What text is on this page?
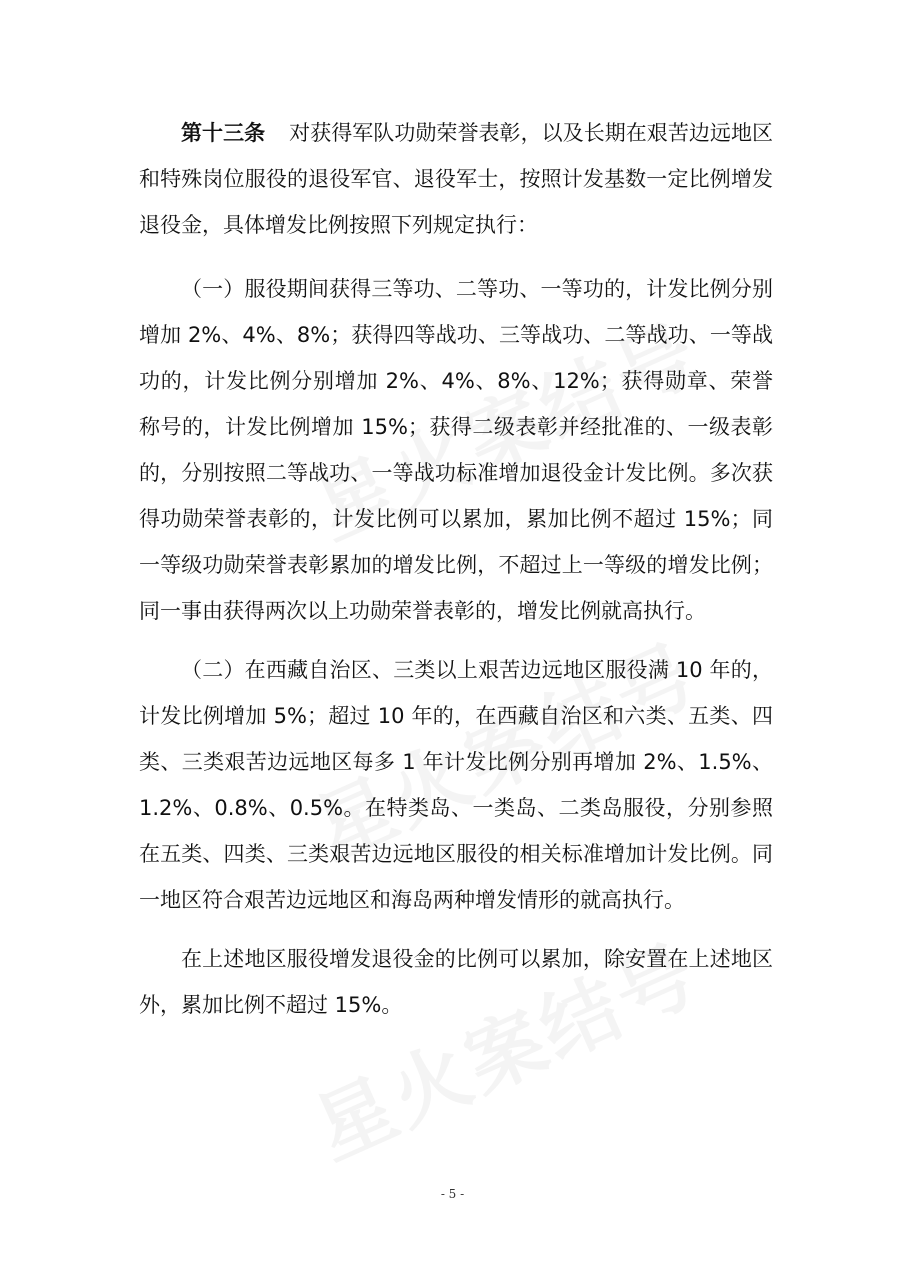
第十三条 对获得军队功勋荣誉表彰，以及长期在艰苦边远地区和特殊岗位服役的退役军官、退役军士，按照计发基数一定比例增发退役金，具体增发比例按照下列规定执行：

（一）服役期间获得三等功、二等功、一等功的，计发比例分别增加 2%、4%、8%；获得四等战功、三等战功、二等战功、一等战功的，计发比例分别增加 2%、4%、8%、12%；获得勋章、荣誉称号的，计发比例增加 15%；获得二级表彰并经批准的、一级表彰的，分别按照二等战功、一等战功标准增加退役金计发比例。多次获得功勋荣誉表彰的，计发比例可以累加，累加比例不超过 15%；同一等级功勋荣誉表彰累加的增发比例，不超过上一等级的增发比例；同一事由获得两次以上功勋荣誉表彰的，增发比例就高执行。

（二）在西藏自治区、三类以上艰苦边远地区服役满 10 年的，计发比例增加 5%；超过 10 年的，在西藏自治区和六类、五类、四类、三类艰苦边远地区每多 1 年计发比例分别再增加 2%、1.5%、1.2%、0.8%、0.5%。在特类岛、一类岛、二类岛服役，分别参照在五类、四类、三类艰苦边远地区服役的相关标准增加计发比例。同一地区符合艰苦边远地区和海岛两种增发情形的就高执行。

在上述地区服役增发退役金的比例可以累加，除安置在上述地区外，累加比例不超过 15%。

- 5 -
